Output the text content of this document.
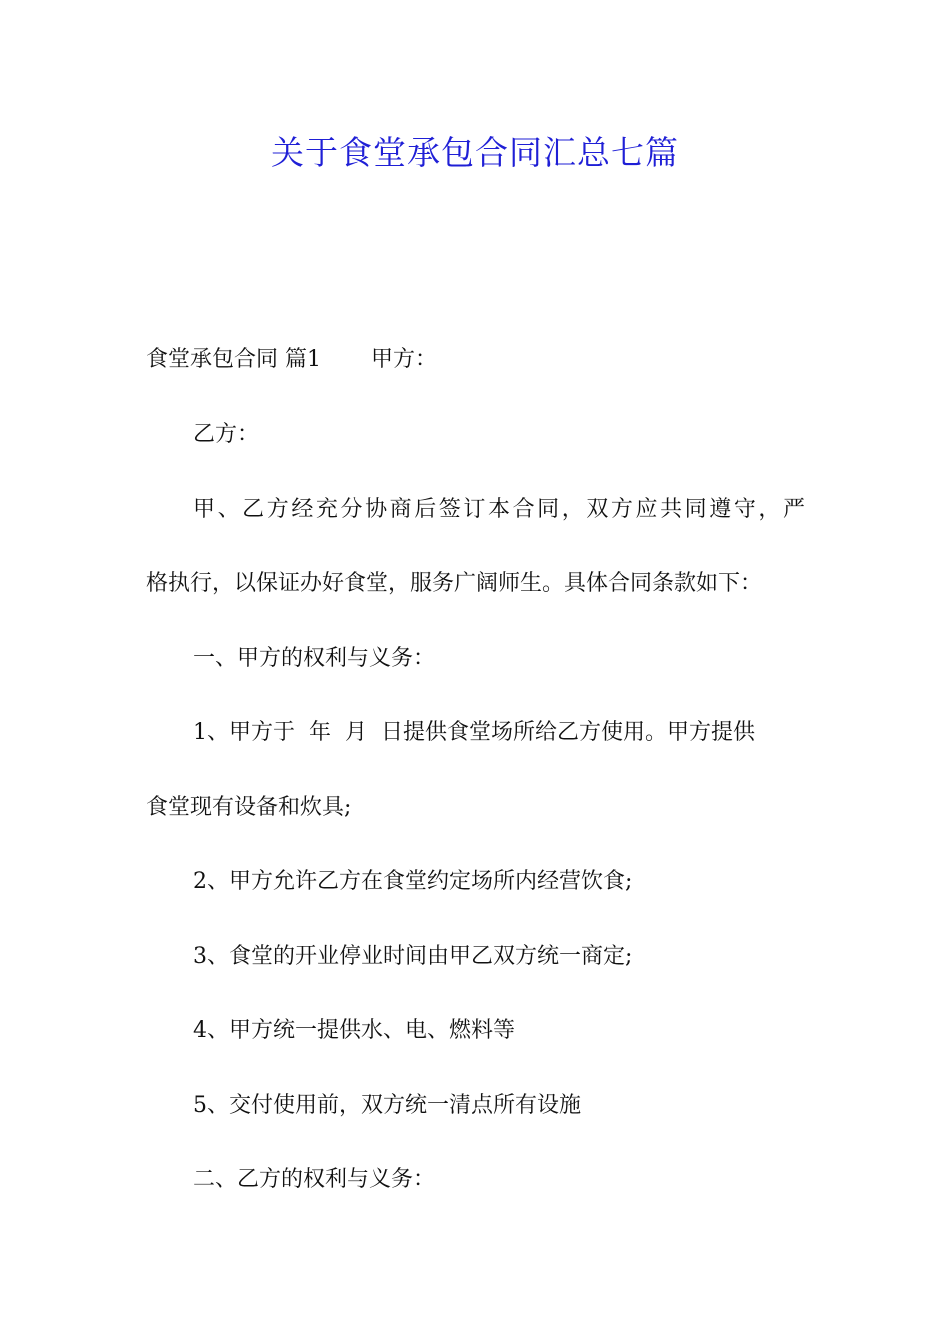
关于食堂承包合同汇总七篇

食堂承包合同 篇1 甲方：

乙方：

甲、乙方经充分协商后签订本合同，双方应共同遵守，严

格执行，以保证办好食堂，服务广阔师生。具体合同条款如下：

一、甲方的权利与义务：

1、甲方于 年 月 日提供食堂场所给乙方使用。甲方提供

食堂现有设备和炊具;

2、甲方允许乙方在食堂约定场所内经营饮食;

3、食堂的开业停业时间由甲乙双方统一商定;

4、甲方统一提供水、电、燃料等

5、交付使用前，双方统一清点所有设施

二、乙方的权利与义务：
